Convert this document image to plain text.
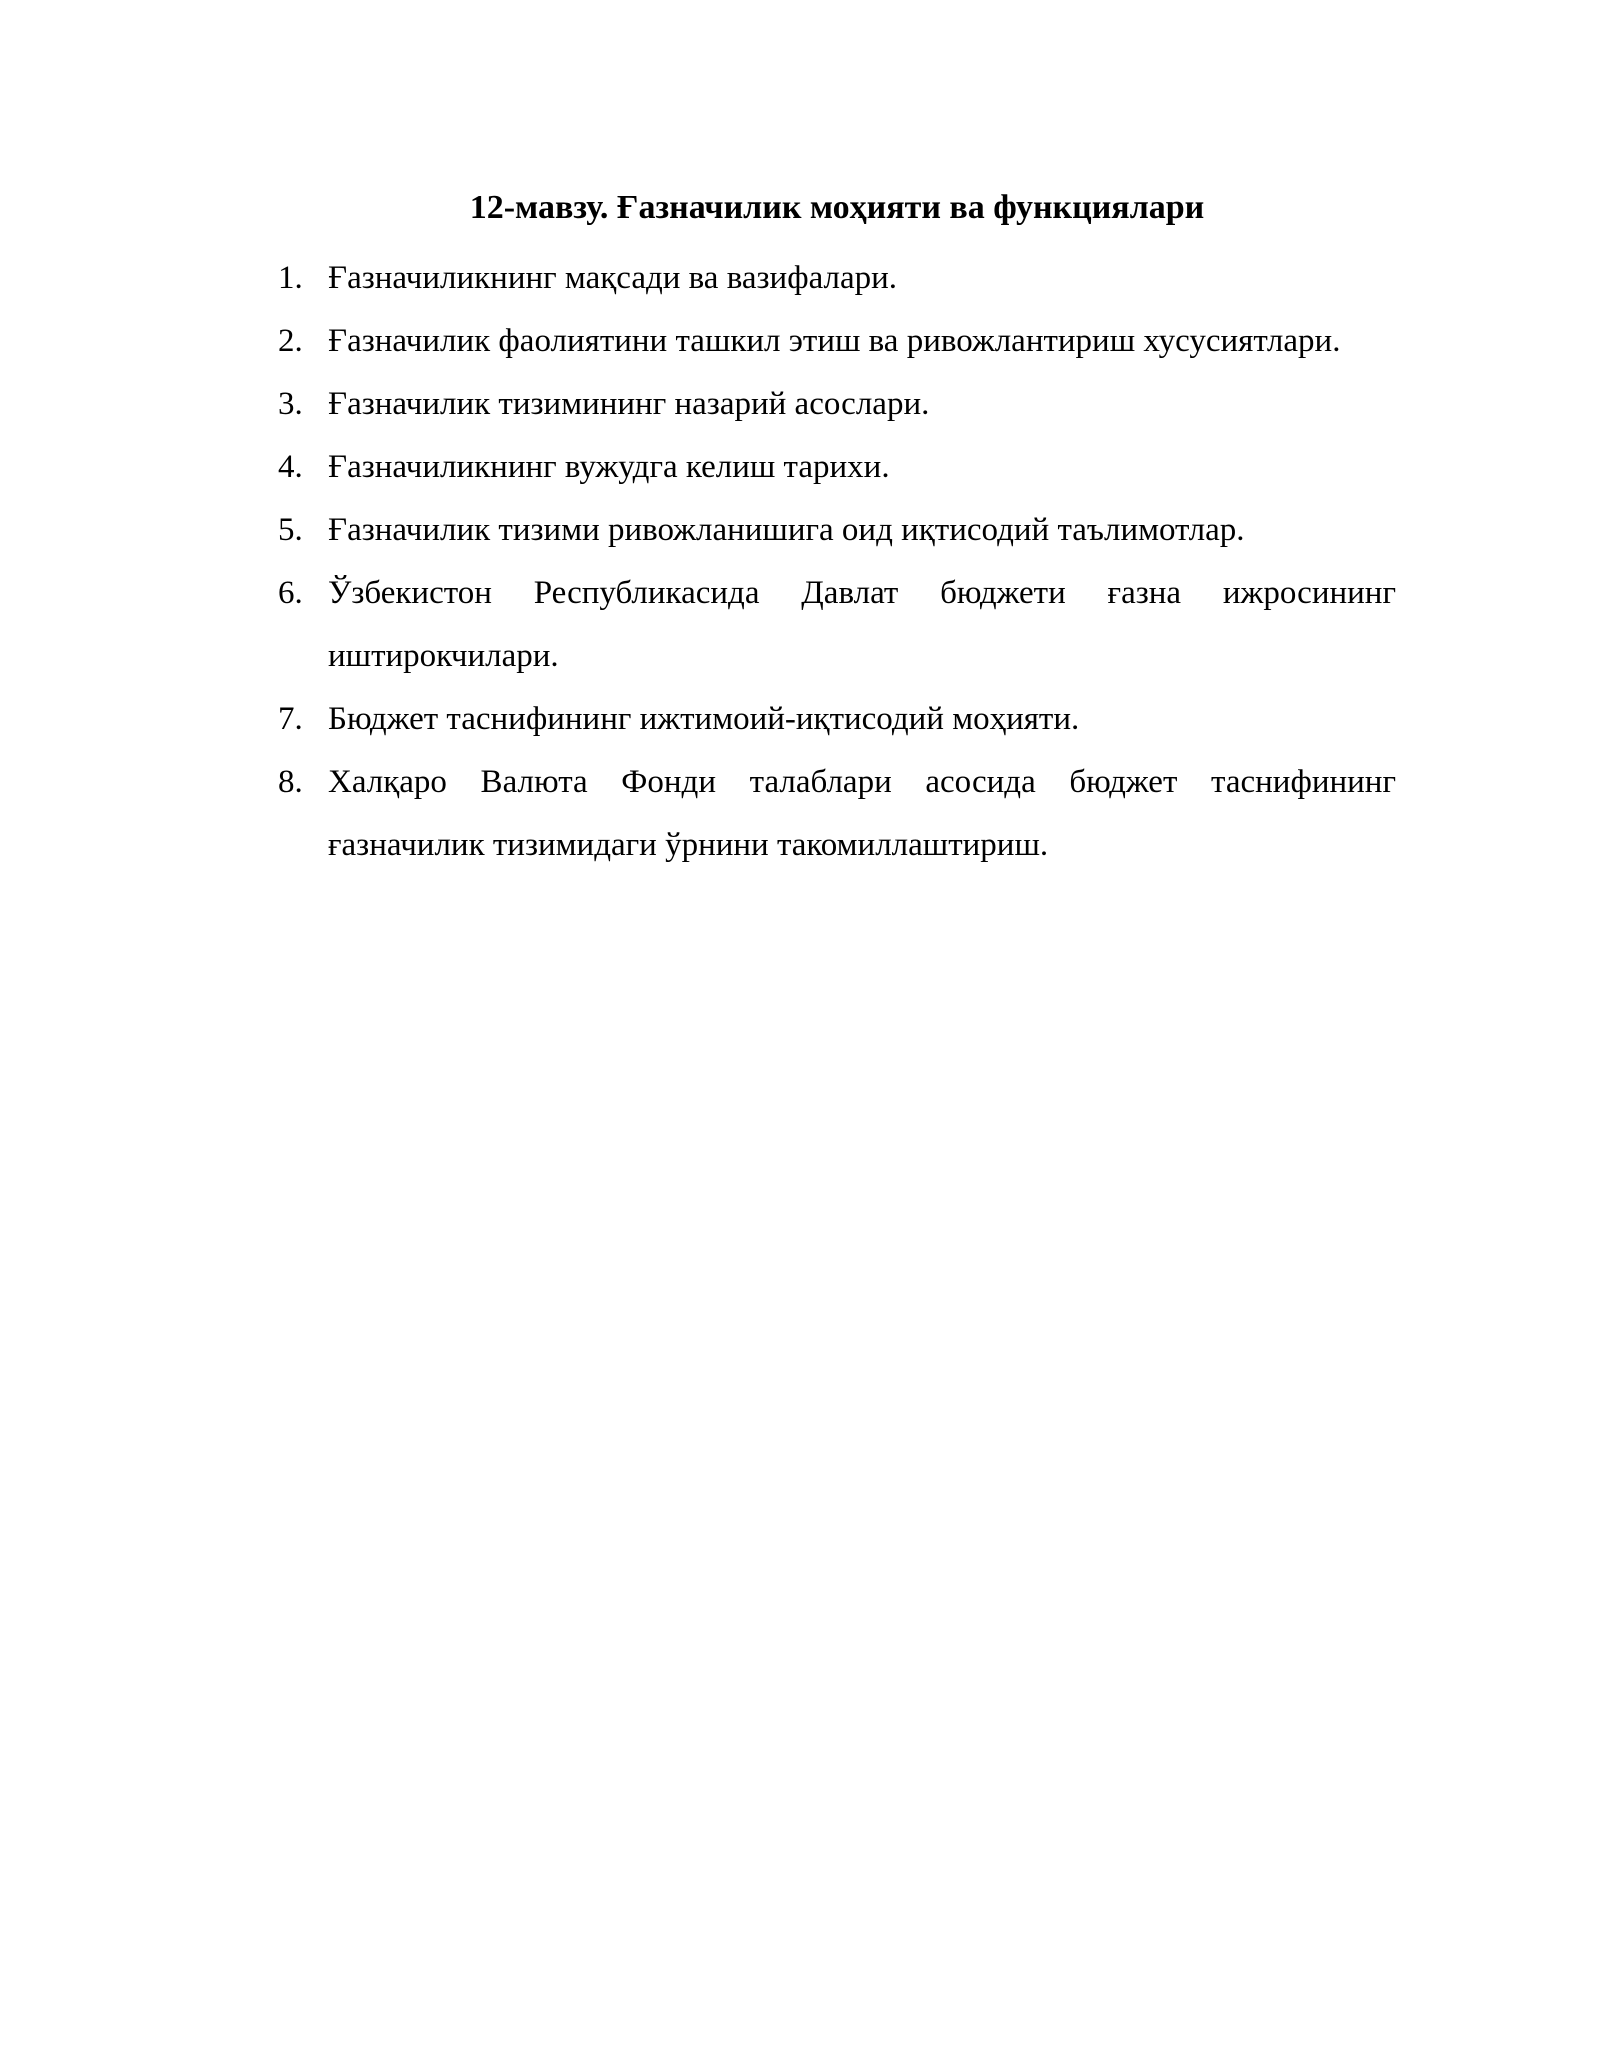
12-мавзу. Ғазначилик моҳияти ва функциялари
1. Ғазначиликнинг мақсади ва вазифалари.
2. Ғазначилик фаолиятини ташкил этиш ва ривожлантириш хусусиятлари.
3. Ғазначилик тизимининг назарий асослари.
4. Ғазначиликнинг вужудга келиш тарихи.
5. Ғазначилик тизими ривожланишига оид иқтисодий таълимотлар.
6. Ўзбекистон Республикасида Давлат бюджети ғазна ижросининг иштирокчилари.
7. Бюджет таснифининг ижтимоий-иқтисодий моҳияти.
8. Халқаро Валюта Фонди талаблари асосида бюджет таснифининг ғазначилик тизимидаги ўрнини такомиллаштириш.
